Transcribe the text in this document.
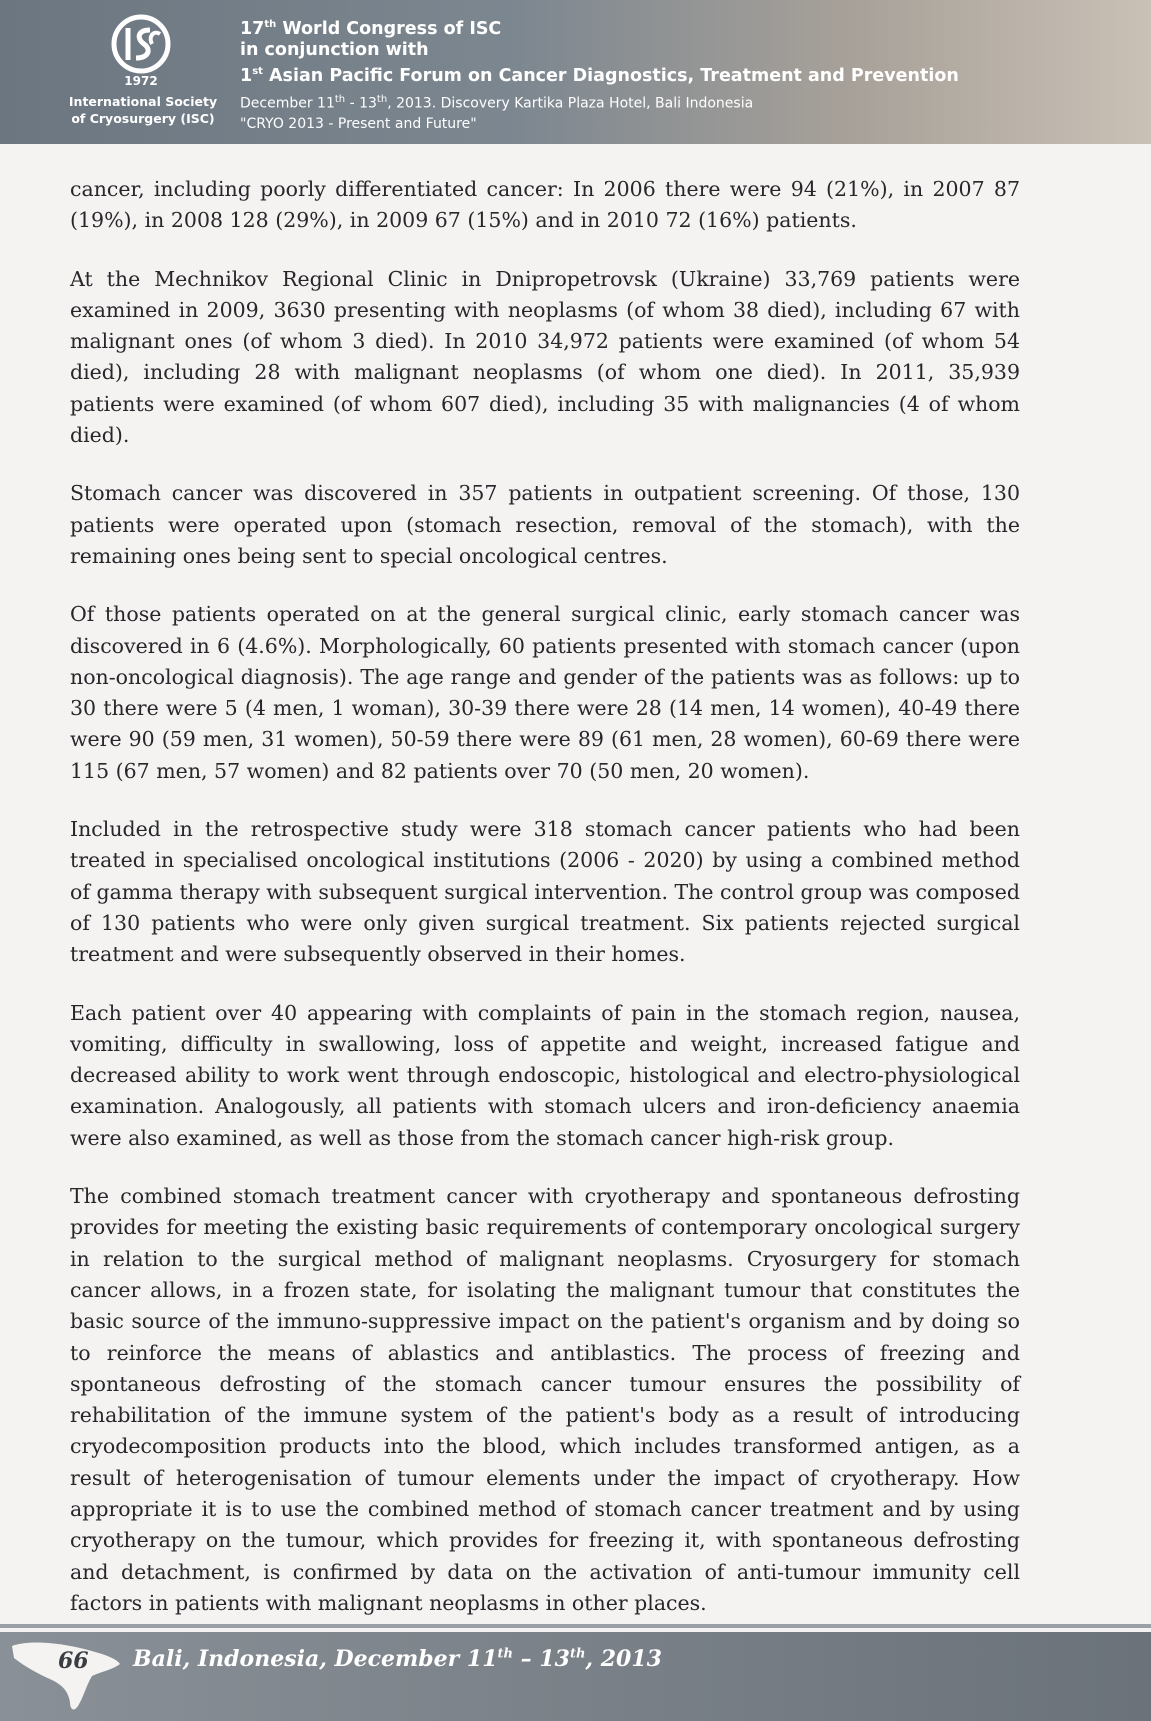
1972
International Society
of Cryosurgery (ISC)
17th World Congress of ISC
in conjunction with
1st Asian Pacific Forum on Cancer Diagnostics, Treatment and Prevention
December 11th - 13th, 2013. Discovery Kartika Plaza Hotel, Bali Indonesia
"CRYO 2013 - Present and Future"

cancer, including poorly differentiated cancer: In 2006 there were 94 (21%), in 2007 87 (19%), in 2008 128 (29%), in 2009 67 (15%) and in 2010 72 (16%) patients.

At the Mechnikov Regional Clinic in Dnipropetrovsk (Ukraine) 33,769 patients were examined in 2009, 3630 presenting with neoplasms (of whom 38 died), including 67 with malignant ones (of whom 3 died). In 2010 34,972 patients were examined (of whom 54 died), including 28 with malignant neoplasms (of whom one died). In 2011, 35,939 patients were examined (of whom 607 died), including 35 with malignancies (4 of whom died).

Stomach cancer was discovered in 357 patients in outpatient screening. Of those, 130 patients were operated upon (stomach resection, removal of the stomach), with the remaining ones being sent to special oncological centres.

Of those patients operated on at the general surgical clinic, early stomach cancer was discovered in 6 (4.6%). Morphologically, 60 patients presented with stomach cancer (upon non-oncological diagnosis). The age range and gender of the patients was as follows: up to 30 there were 5 (4 men, 1 woman), 30-39 there were 28 (14 men, 14 women), 40-49 there were 90 (59 men, 31 women), 50-59 there were 89 (61 men, 28 women), 60-69 there were 115 (67 men, 57 women) and 82 patients over 70 (50 men, 20 women).

Included in the retrospective study were 318 stomach cancer patients who had been treated in specialised oncological institutions (2006 - 2020) by using a combined method of gamma therapy with subsequent surgical intervention. The control group was composed of 130 patients who were only given surgical treatment. Six patients rejected surgical treatment and were subsequently observed in their homes.

Each patient over 40 appearing with complaints of pain in the stomach region, nausea, vomiting, difficulty in swallowing, loss of appetite and weight, increased fatigue and decreased ability to work went through endoscopic, histological and electro-physiological examination. Analogously, all patients with stomach ulcers and iron-deficiency anaemia were also examined, as well as those from the stomach cancer high-risk group.

The combined stomach treatment cancer with cryotherapy and spontaneous defrosting provides for meeting the existing basic requirements of contemporary oncological surgery in relation to the surgical method of malignant neoplasms. Cryosurgery for stomach cancer allows, in a frozen state, for isolating the malignant tumour that constitutes the basic source of the immuno-suppressive impact on the patient's organism and by doing so to reinforce the means of ablastics and antiblastics. The process of freezing and spontaneous defrosting of the stomach cancer tumour ensures the possibility of rehabilitation of the immune system of the patient's body as a result of introducing cryodecomposition products into the blood, which includes transformed antigen, as a result of heterogenisation of tumour elements under the impact of cryotherapy. How appropriate it is to use the combined method of stomach cancer treatment and by using cryotherapy on the tumour, which provides for freezing it, with spontaneous defrosting and detachment, is confirmed by data on the activation of anti-tumour immunity cell factors in patients with malignant neoplasms in other places.

66	Bali, Indonesia, December 11th – 13th, 2013
